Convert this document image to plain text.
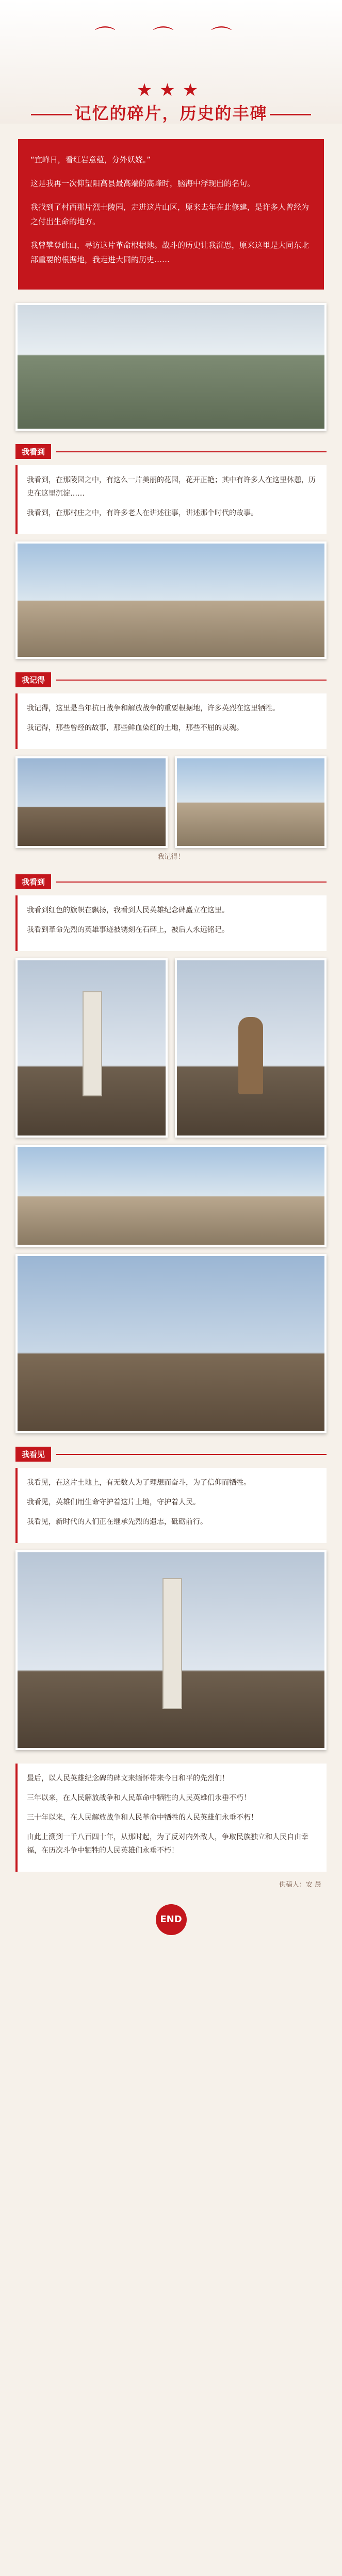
⌒ ⌒ ⌒
★★★
记忆的碎片，历史的丰碑

“宜峰日，看红岩意蕴，分外妖娆。”

这是我再一次仰望阳高县最高端的高峰时，脑海中浮现出的名句。

我找到了村西那片烈士陵园，走进这片山区，原来去年在此修建，是许多人曾经为之付出生命的地方。

我曾攀登此山，寻访这片革命根据地。战斗的历史让我沉思，原来这里是大同东北部重要的根据地，我走进大同的历史……

我看到

我看到，在那陵园之中，有这么一片美丽的花园，花开正艳；其中有许多人在这里休憩，历史在这里沉淀……

我看到，在那村庄之中，有许多老人在讲述往事，讲述那个时代的故事。

我记得

我记得，这里是当年抗日战争和解放战争的重要根据地，许多英烈在这里牺牲。

我记得，那些曾经的故事，那些鲜血染红的土地，那些不屈的灵魂。

我记得！
我看到

我看到红色的旗帜在飘扬，我看到人民英雄纪念碑矗立在这里。

我看到革命先烈的英雄事迹被镌刻在石碑上，被后人永远铭记。

我看见

我看见，在这片土地上，有无数人为了理想而奋斗，为了信仰而牺牲。

我看见，英雄们用生命守护着这片土地，守护着人民。

我看见，新时代的人们正在继承先烈的遗志，砥砺前行。

最后，以人民英雄纪念碑的碑文来缅怀带来今日和平的先烈们！

三年以来，在人民解放战争和人民革命中牺牲的人民英雄们永垂不朽！

三十年以来，在人民解放战争和人民革命中牺牲的人民英雄们永垂不朽！

由此上溯到一千八百四十年，从那时起，为了反对内外敌人，争取民族独立和人民自由幸福，在历次斗争中牺牲的人民英雄们永垂不朽！

供稿人：安 晨
END
